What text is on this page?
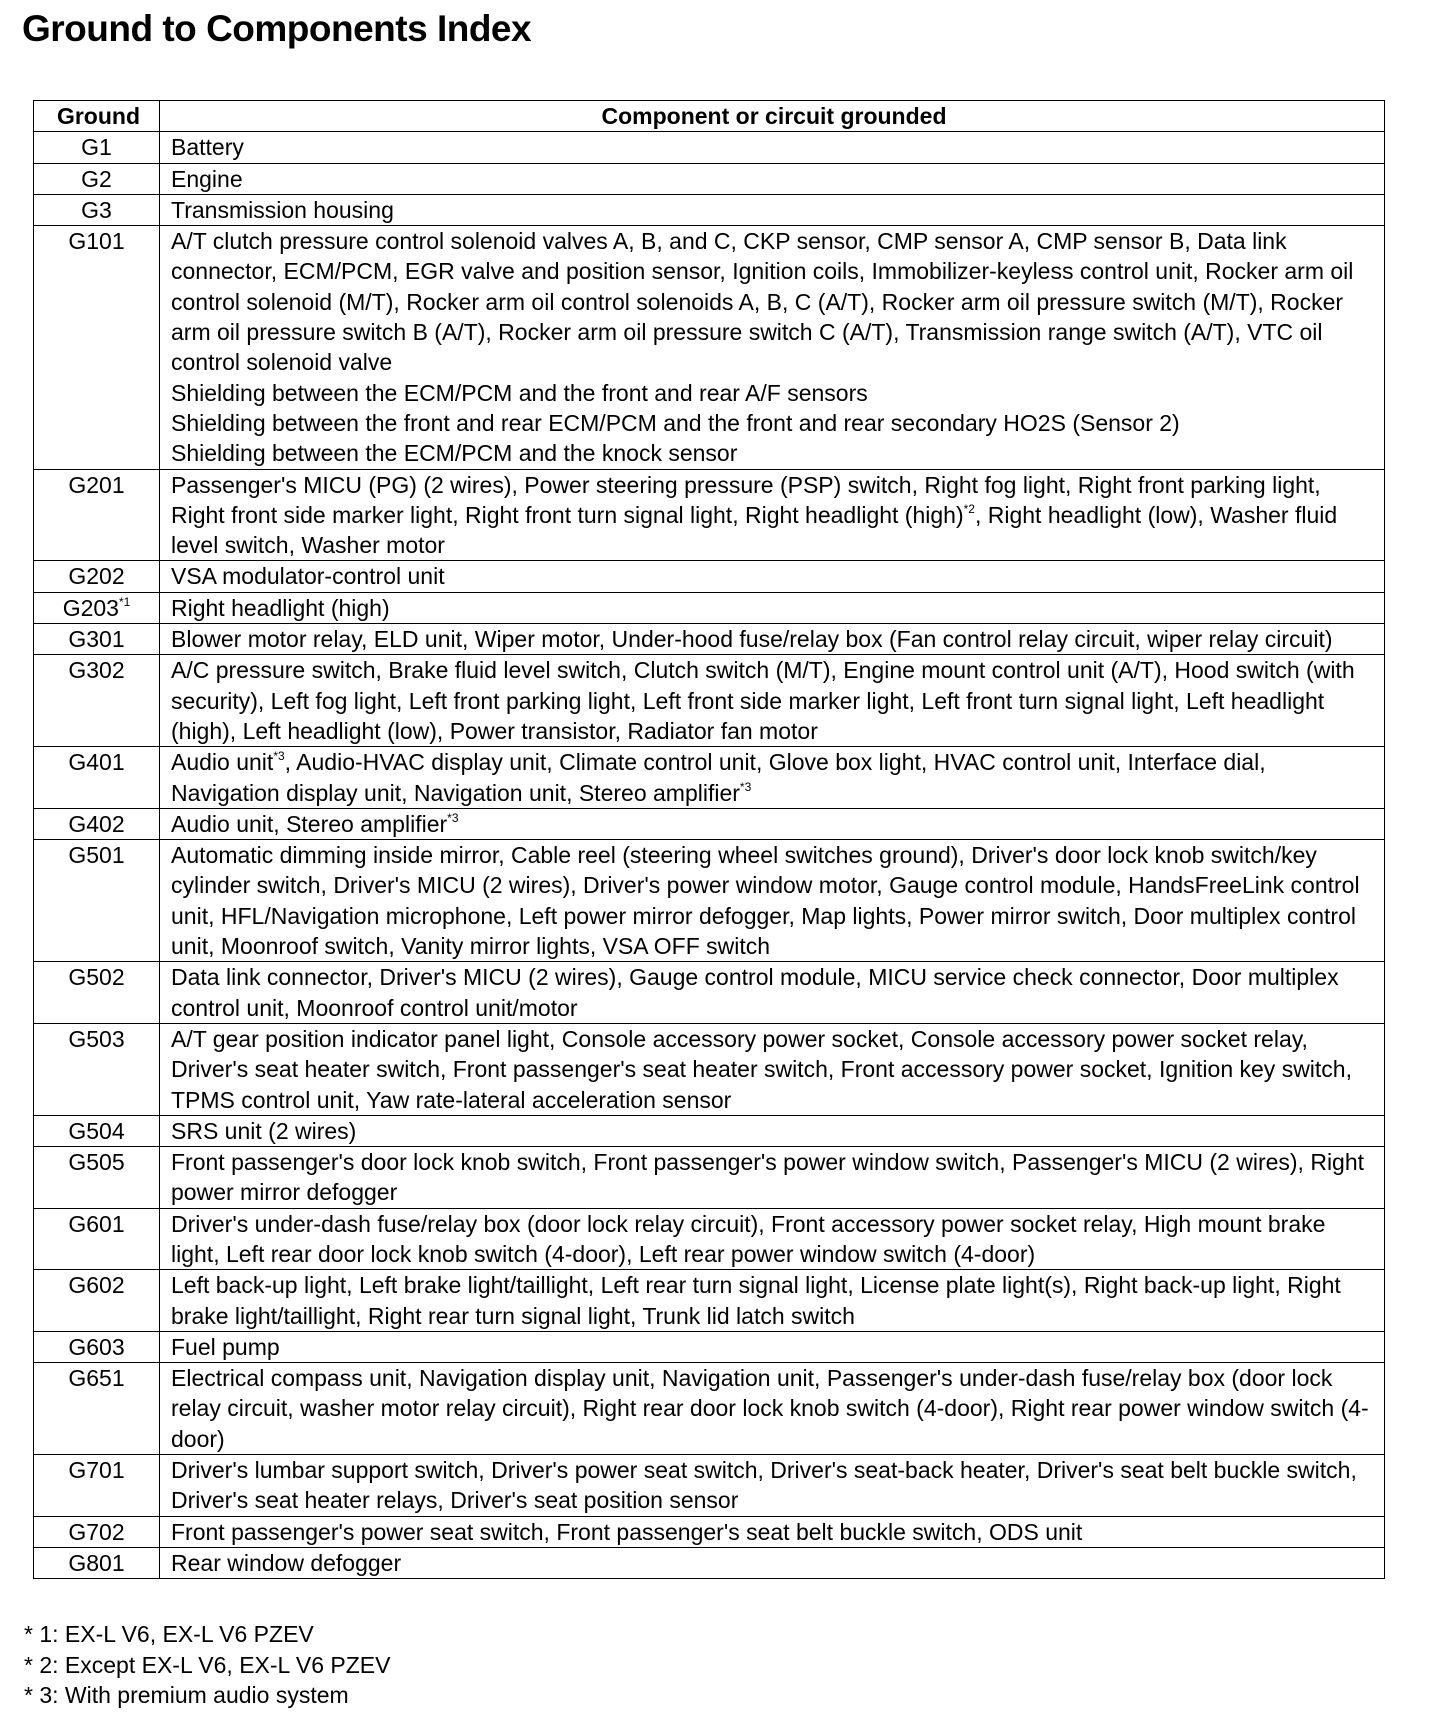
Ground to Components Index
Ground	Component or circuit grounded
G1	Battery

G2	Engine

G3	Transmission housing

G101	A/T clutch pressure control solenoid valves A, B, and C, CKP sensor, CMP sensor A, CMP sensor B, Data link connector, ECM/PCM, EGR valve and position sensor, Ignition coils, Immobilizer-keyless control unit, Rocker arm oil control solenoid (M/T), Rocker arm oil control solenoids A, B, C (A/T), Rocker arm oil pressure switch (M/T), Rocker arm oil pressure switch B (A/T), Rocker arm oil pressure switch C (A/T), Transmission range switch (A/T), VTC oil control solenoid valve
Shielding between the ECM/PCM and the front and rear A/F sensors
Shielding between the front and rear ECM/PCM and the front and rear secondary HO2S (Sensor 2)
Shielding between the ECM/PCM and the knock sensor

G201	Passenger's MICU (PG) (2 wires), Power steering pressure (PSP) switch, Right fog light, Right front parking light, Right front side marker light, Right front turn signal light, Right headlight (high)$^{*2}$, Right headlight (low), Washer fluid level switch, Washer motor

G202	VSA modulator-control unit

G203$^{*1}$	Right headlight (high)

G301	Blower motor relay, ELD unit, Wiper motor, Under-hood fuse/relay box (Fan control relay circuit, wiper relay circuit)

G302	A/C pressure switch, Brake fluid level switch, Clutch switch (M/T), Engine mount control unit (A/T), Hood switch (with security), Left fog light, Left front parking light, Left front side marker light, Left front turn signal light, Left headlight (high), Left headlight (low), Power transistor, Radiator fan motor

G401	Audio unit$^{*3}$, Audio-HVAC display unit, Climate control unit, Glove box light, HVAC control unit, Interface dial, Navigation display unit, Navigation unit, Stereo amplifier$^{*3}$

G402	Audio unit, Stereo amplifier$^{*3}$

G501	Automatic dimming inside mirror, Cable reel (steering wheel switches ground), Driver's door lock knob switch/key cylinder switch, Driver's MICU (2 wires), Driver's power window motor, Gauge control module, HandsFreeLink control unit, HFL/Navigation microphone, Left power mirror defogger, Map lights, Power mirror switch, Door multiplex control unit, Moonroof switch, Vanity mirror lights, VSA OFF switch

G502	Data link connector, Driver's MICU (2 wires), Gauge control module, MICU service check connector, Door multiplex control unit, Moonroof control unit/motor

G503	A/T gear position indicator panel light, Console accessory power socket, Console accessory power socket relay, Driver's seat heater switch, Front passenger's seat heater switch, Front accessory power socket, Ignition key switch, TPMS control unit, Yaw rate-lateral acceleration sensor

G504	SRS unit (2 wires)

G505	Front passenger's door lock knob switch, Front passenger's power window switch, Passenger's MICU (2 wires), Right power mirror defogger

G601	Driver's under-dash fuse/relay box (door lock relay circuit), Front accessory power socket relay, High mount brake light, Left rear door lock knob switch (4-door), Left rear power window switch (4-door)

G602	Left back-up light, Left brake light/taillight, Left rear turn signal light, License plate light(s), Right back-up light, Right brake light/taillight, Right rear turn signal light, Trunk lid latch switch

G603	Fuel pump

G651	Electrical compass unit, Navigation display unit, Navigation unit, Passenger's under-dash fuse/relay box (door lock relay circuit, washer motor relay circuit), Right rear door lock knob switch (4-door), Right rear power window switch (4-door)

G701	Driver's lumbar support switch, Driver's power seat switch, Driver's seat-back heater, Driver's seat belt buckle switch, Driver's seat heater relays, Driver's seat position sensor

G702	Front passenger's power seat switch, Front passenger's seat belt buckle switch, ODS unit

G801	Rear window defogger
* 1: EX-L V6, EX-L V6 PZEV
* 2: Except EX-L V6, EX-L V6 PZEV
* 3: With premium audio system
